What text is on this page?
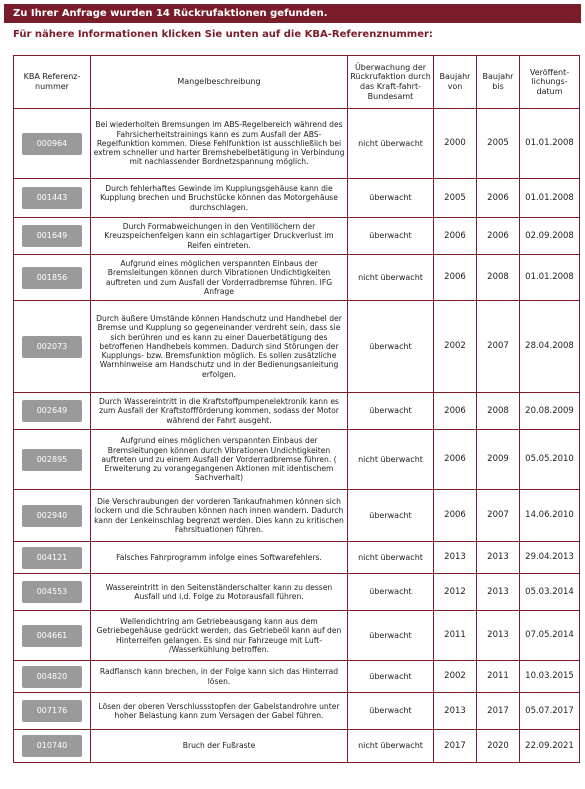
Zu Ihrer Anfrage wurden 14 Rückrufaktionen gefunden.
Für nähere Informationen klicken Sie unten auf die KBA-Referenznummer:
KBA Referenz-nummer	Mangelbeschreibung	Überwachung der Rückrufaktion durch das Kraft-fahrt-Bundesamt	Baujahr von	Baujahr bis	Veröffent-lichungs-datum
000964	Bei wiederholten Bremsungen im ABS-Regelbereich während des Fahrsicherheitstrainings kann es zum Ausfall der ABS-Regelfunktion kommen. Diese Fehlfunktion ist ausschließlich bei extrem schneller und harter Bremshebelbetätigung in Verbindung mit nachlassender Bordnetzspannung möglich.	nicht überwacht	2000	2005	01.01.2008
001443	Durch fehlerhaftes Gewinde im Kupplungsgehäuse kann die Kupplung brechen und Bruchstücke können das Motorgehäuse durchschlagen.	überwacht	2005	2006	01.01.2008
001649	Durch Formabweichungen in den Ventillöchern der Kreuzspeichenfelgen kann ein schlagartiger Druckverlust im Reifen eintreten.	überwacht	2006	2006	02.09.2008
001856	Aufgrund eines möglichen verspannten Einbaus der Bremsleitungen können durch Vibrationen Undichtigkeiten auftreten und zum Ausfall der Vorderradbremse führen. IFG Anfrage	nicht überwacht	2006	2008	01.01.2008
002073	Durch äußere Umstände können Handschutz und Handhebel der Bremse und Kupplung so gegeneinander verdreht sein, dass sie sich berühren und es kann zu einer Dauerbetätigung des betroffenen Handhebels kommen. Dadurch sind Störungen der Kupplungs- bzw. Bremsfunktion möglich. Es sollen zusätzliche Warnhinweise am Handschutz und in der Bedienungsanleitung erfolgen.	überwacht	2002	2007	28.04.2008
002649	Durch Wassereintritt in die Kraftstoffpumpenelektronik kann es zum Ausfall der Kraftstoffförderung kommen, sodass der Motor während der Fahrt ausgeht.	überwacht	2006	2008	20.08.2009
002895	Aufgrund eines möglichen verspannten Einbaus der Bremsleitungen können durch Vibrationen Undichtigkeiten auftreten und zu einem Ausfall der Vorderradbremse führen. ( Erweiterung zu vorangegangenen Aktionen mit identischem Sachverhalt)	nicht überwacht	2006	2009	05.05.2010
002940	Die Verschraubungen der vorderen Tankaufnahmen können sich lockern und die Schrauben können nach innen wandern. Dadurch kann der Lenkeinschlag begrenzt werden. Dies kann zu kritischen Fahrsituationen führen.	überwacht	2006	2007	14.06.2010
004121	Falsches Fahrprogramm infolge eines Softwarefehlers.	nicht überwacht	2013	2013	29.04.2013
004553	Wassereintritt in den Seitenständerschalter kann zu dessen Ausfall und i.d. Folge zu Motorausfall führen.	überwacht	2012	2013	05.03.2014
004661	Wellendichtring am Getriebeausgang kann aus dem Getriebegehäuse gedrückt werden, das Getriebeöl kann auf den Hinterreifen gelangen. Es sind nur Fahrzeuge mit Luft- /Wasserkühlung betroffen.	überwacht	2011	2013	07.05.2014
004820	Radflansch kann brechen, in der Folge kann sich das Hinterrad lösen.	überwacht	2002	2011	10.03.2015
007176	Lösen der oberen Verschlussstopfen der Gabelstandrohre unter hoher Belastung kann zum Versagen der Gabel führen.	überwacht	2013	2017	05.07.2017
010740	Bruch der Fußraste	nicht überwacht	2017	2020	22.09.2021
